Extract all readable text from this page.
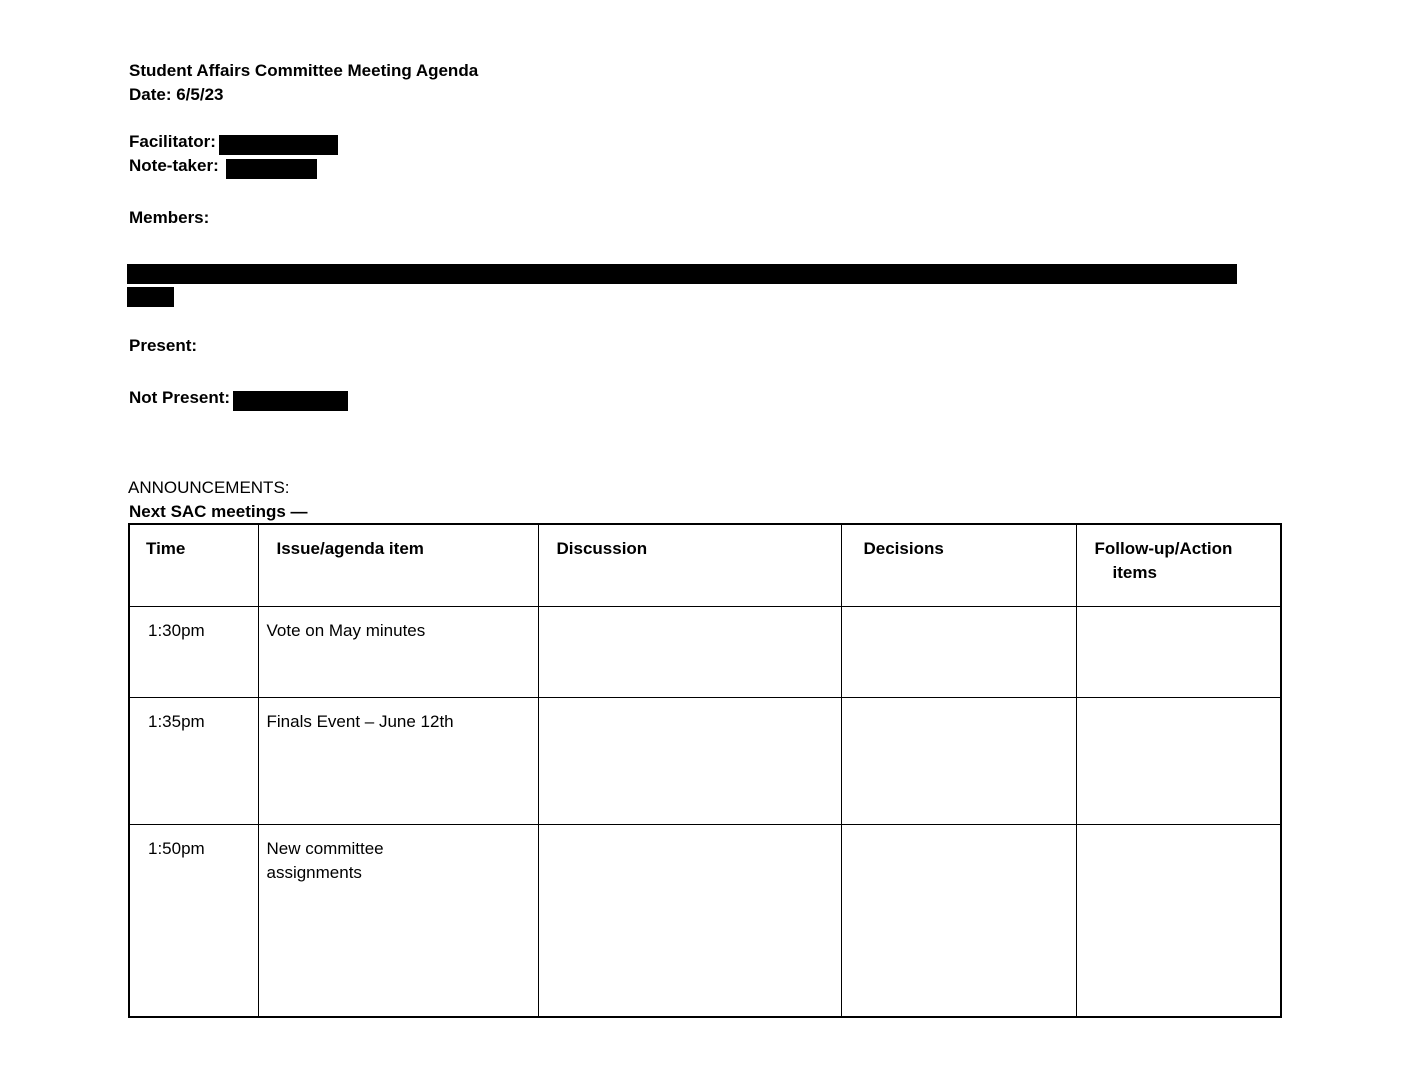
Student Affairs Committee Meeting Agenda
Date: 6/5/23
Facilitator:
Note-taker:
Members:
Present:
Not Present:
ANNOUNCEMENTS:
Next SAC meetings —
Time	Issue/agenda item	Discussion	Decisions	Follow-up/Action items

1:30pm	Vote on May minutes			

1:35pm	Finals Event – June 12th			

1:50pm	New committee assignments			
